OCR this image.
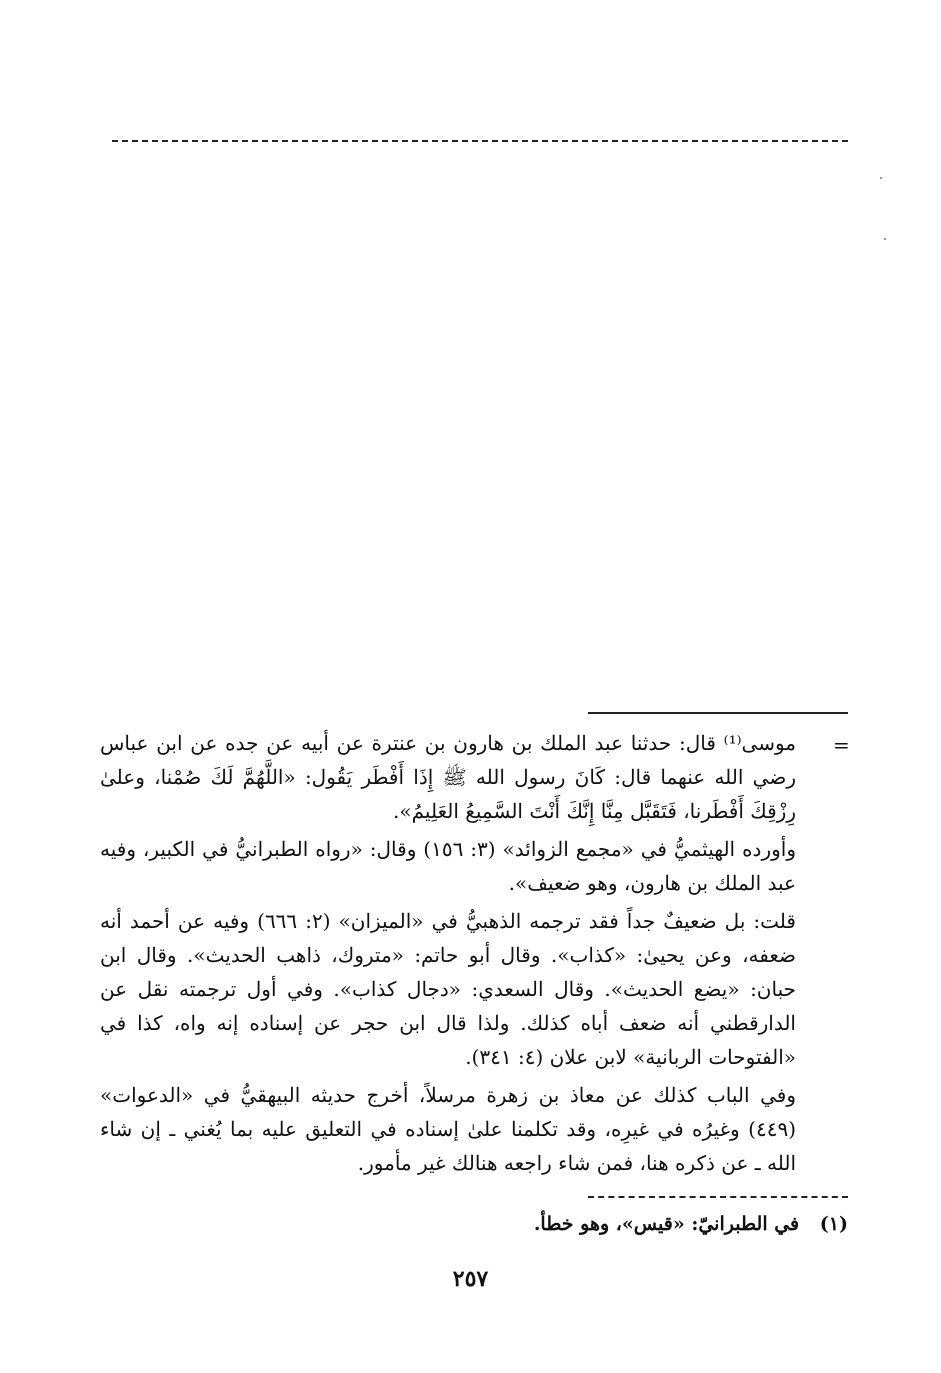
=

موسى⁽¹⁾ قال: حدثنا عبد الملك بن هارون بن عنترة عن أبيه عن جده عن ابن عباس رضي الله عنهما قال: كَانَ رسول الله ﷺ إِذَا أَفْطَر يَقُول: «اللَّهُمَّ لَكَ صُمْنا، وعلىٰ رِزْقِكَ أَفْطَرنا، فَتَقَبَّل مِنَّا إِنَّكَ أَنْتَ السَّمِيعُ العَلِيمُ».

وأورده الهيثميُّ في «مجمع الزوائد» (٣: ١٥٦) وقال: «رواه الطبرانيُّ في الكبير، وفيه عبد الملك بن هارون، وهو ضعيف».

قلت: بل ضعيفٌ جداً فقد ترجمه الذهبيُّ في «الميزان» (٢: ٦٦٦) وفيه عن أحمد أنه ضعفه، وعن يحيىٰ: «كذاب». وقال أبو حاتم: «متروك، ذاهب الحديث». وقال ابن حبان: «يضع الحديث». وقال السعدي: «دجال كذاب». وفي أول ترجمته نقل عن الدارقطني أنه ضعف أباه كذلك. ولذا قال ابن حجر عن إسناده إنه واه، كذا في «الفتوحات الربانية» لابن علان (٤: ٣٤١).

وفي الباب كذلك عن معاذ بن زهرة مرسلاً، أخرج حديثه البيهقيُّ في «الدعوات» (٤٤٩) وغيرُه في غيرِه، وقد تكلمنا علىٰ إسناده في التعليق عليه بما يُغني ـ إن شاء الله ـ عن ذكره هنا، فمن شاء راجعه هنالك غير مأمور.

(١) في الطبرانيّ: «قيس»، وهو خطأ.
٢٥٧
